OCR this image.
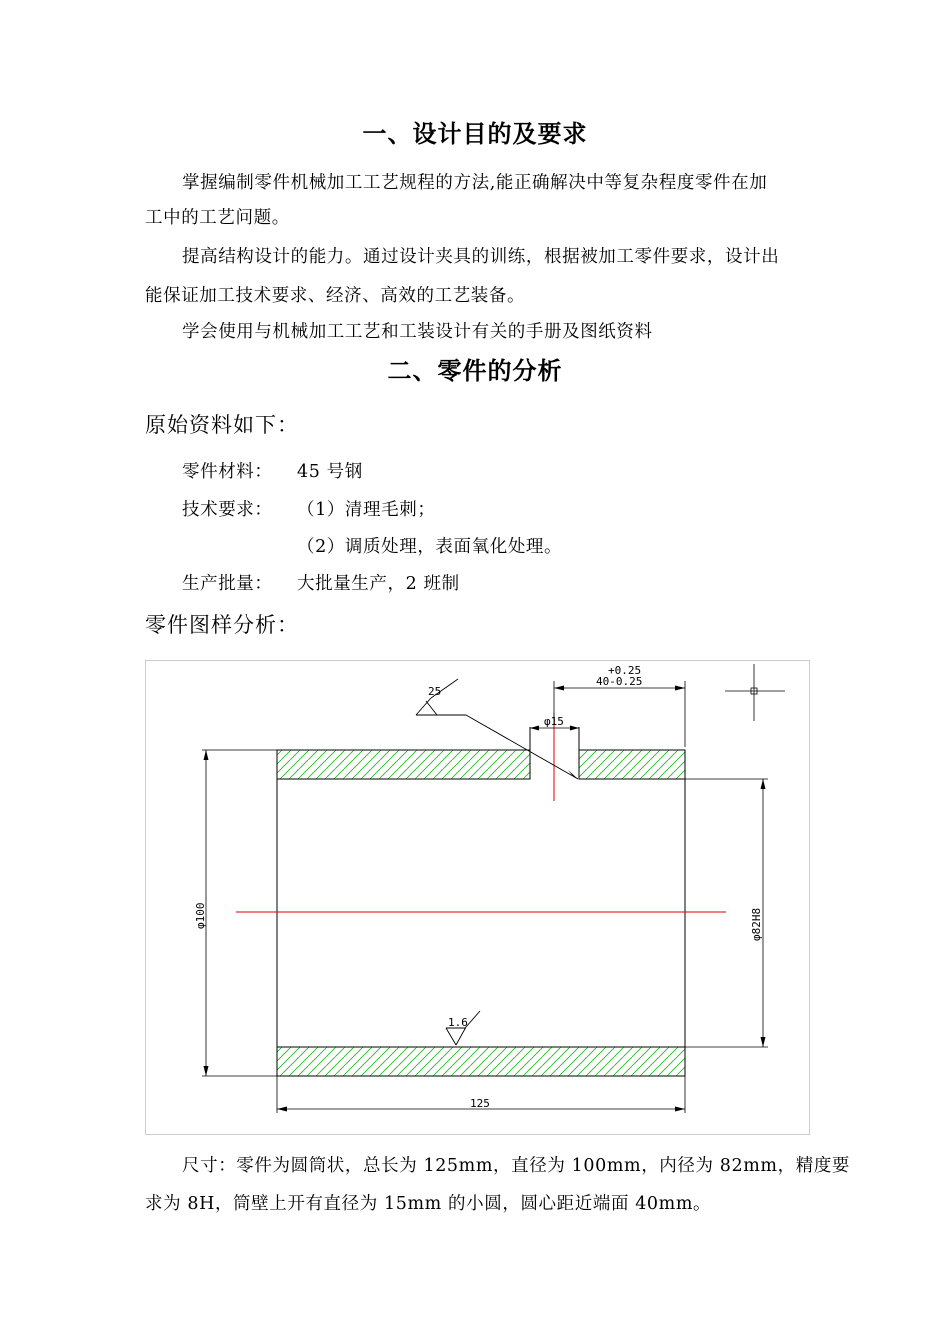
一、设计目的及要求
掌握编制零件机械加工工艺规程的方法,能正确解决中等复杂程度零件在加
工中的工艺问题。
提高结构设计的能力。通过设计夹具的训练，根据被加工零件要求，设计出
能保证加工技术要求、经济、高效的工艺装备。
学会使用与机械加工工艺和工装设计有关的手册及图纸资料
二、零件的分析
原始资料如下：
零件材料： 45 号钢
技术要求： （1）清理毛刺；
（2）调质处理，表面氧化处理。
生产批量： 大批量生产，2 班制
零件图样分析：
+0.25
40-0.25
φ15
25
1.6
φ100	φ82H8
125
尺寸：零件为圆筒状，总长为 125mm，直径为 100mm，内径为 82mm，精度要
求为 8H，筒壁上开有直径为 15mm 的小圆，圆心距近端面 40mm。
